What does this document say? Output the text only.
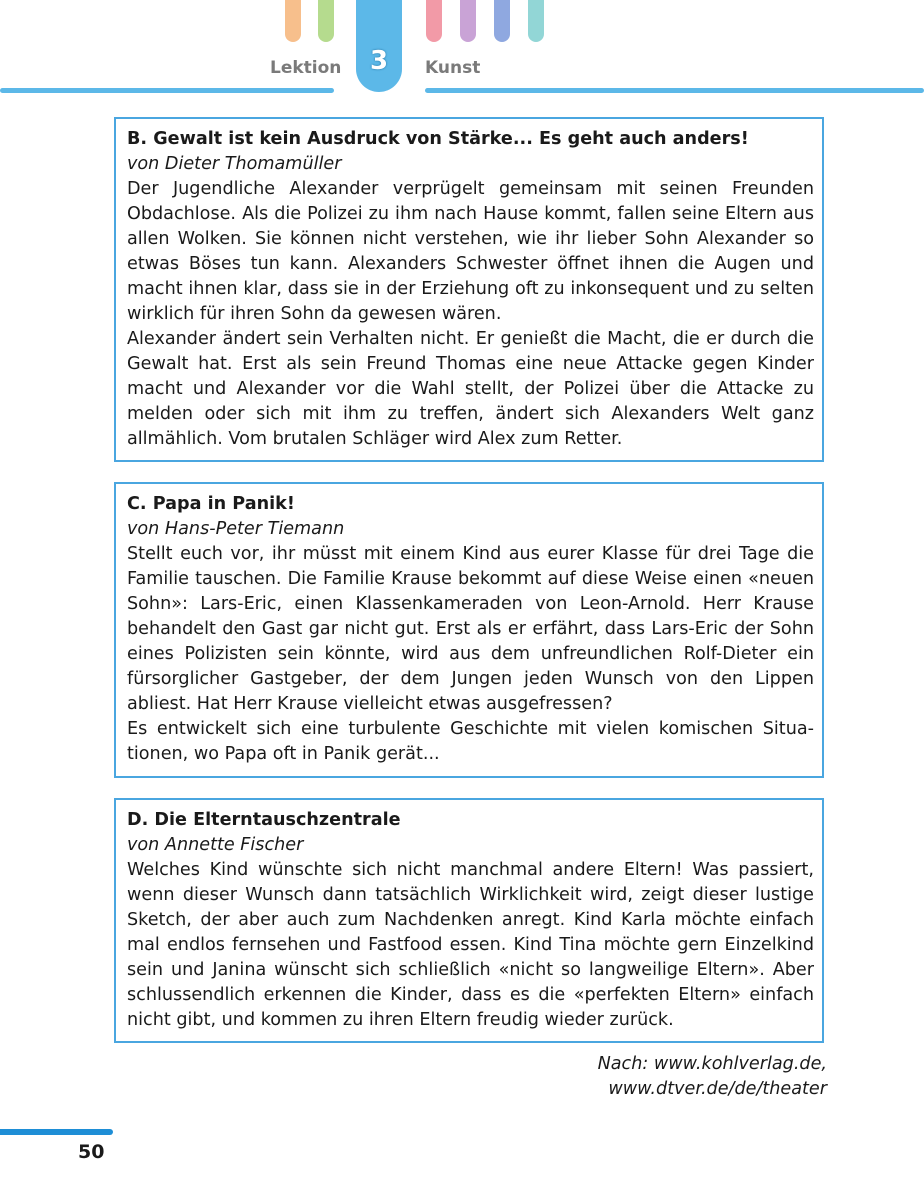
Lektion	3	Kunst
B. Gewalt ist kein Ausdruck von Stärke... Es geht auch anders!
von Dieter Thomamüller

Der Jugendliche Alexander verprügelt gemeinsam mit seinen Freunden Obdachlose. Als die Polizei zu ihm nach Hause kommt, fallen seine Eltern aus allen Wolken. Sie können nicht verstehen, wie ihr lieber Sohn Alexander so etwas Böses tun kann. Alexanders Schwester öffnet ihnen die Augen und macht ihnen klar, dass sie in der Erziehung oft zu inkonsequent und zu selten wirklich für ihren Sohn da gewesen wären.

Alexander ändert sein Verhalten nicht. Er genießt die Macht, die er durch die Gewalt hat. Erst als sein Freund Thomas eine neue Attacke gegen Kinder macht und Alexander vor die Wahl stellt, der Polizei über die Attacke zu melden oder sich mit ihm zu treffen, ändert sich Alexanders Welt ganz allmählich. Vom brutalen Schläger wird Alex zum Retter.

C. Papa in Panik!
von Hans-Peter Tiemann

Stellt euch vor, ihr müsst mit einem Kind aus eurer Klasse für drei Tage die Familie tauschen. Die Familie Krause bekommt auf diese Weise einen «neuen Sohn»: Lars-Eric, einen Klassenkameraden von Leon-Arnold. Herr Krause behandelt den Gast gar nicht gut. Erst als er erfährt, dass Lars-Eric der Sohn eines Polizisten sein könnte, wird aus dem unfreundlichen Rolf-Dieter ein fürsorglicher Gastgeber, der dem Jungen jeden Wunsch von den Lippen abliest. Hat Herr Krause vielleicht etwas ausgefressen?

Es entwickelt sich eine turbulente Geschichte mit vielen komischen Situationen, wo Papa oft in Panik gerät...

D. Die Elterntauschzentrale
von Annette Fischer

Welches Kind wünschte sich nicht manchmal andere Eltern! Was passiert, wenn dieser Wunsch dann tatsächlich Wirklichkeit wird, zeigt dieser lustige Sketch, der aber auch zum Nachdenken anregt. Kind Karla möchte einfach mal endlos fernsehen und Fastfood essen. Kind Tina möchte gern Einzelkind sein und Janina wünscht sich schließlich «nicht so langweilige Eltern». Aber schlussendlich erkennen die Kinder, dass es die «perfekten Eltern» einfach nicht gibt, und kommen zu ihren Eltern freudig wieder zurück.

Nach: www.kohlverlag.de,
www.dtver.de/de/theater
50
